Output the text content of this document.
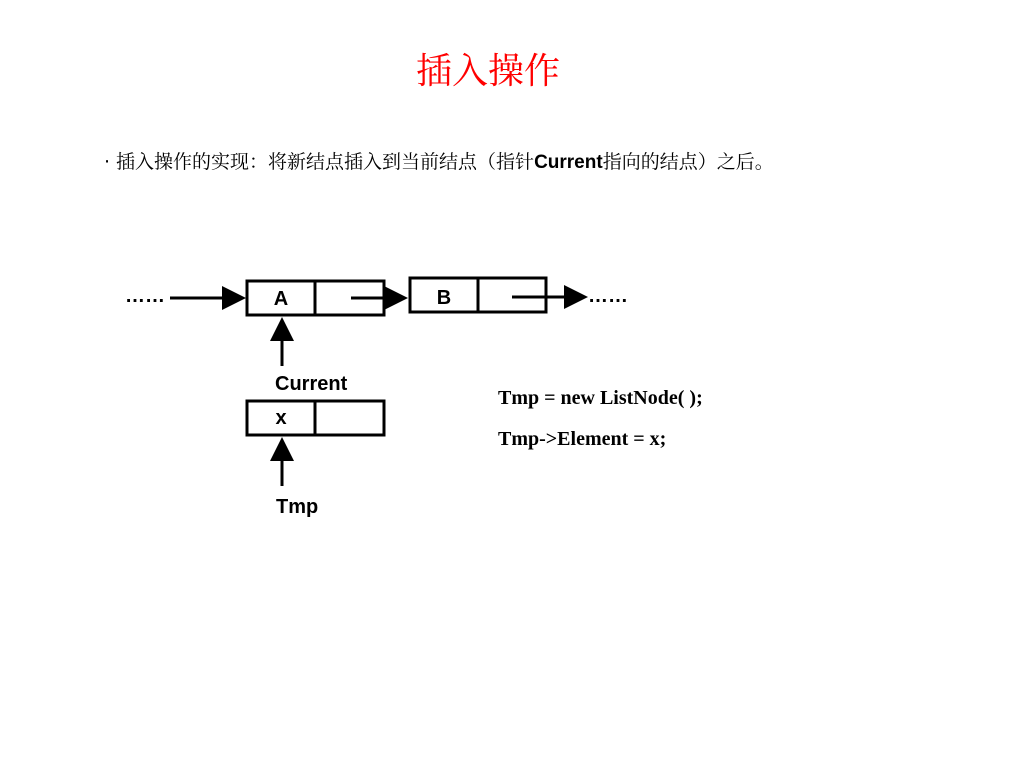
插入操作
· 插入操作的实现：将新结点插入到当前结点（指针Current指向的结点）之后。
……	A	B	……
Current
x
Tmp
Tmp = new ListNode( );
Tmp->Element = x;
